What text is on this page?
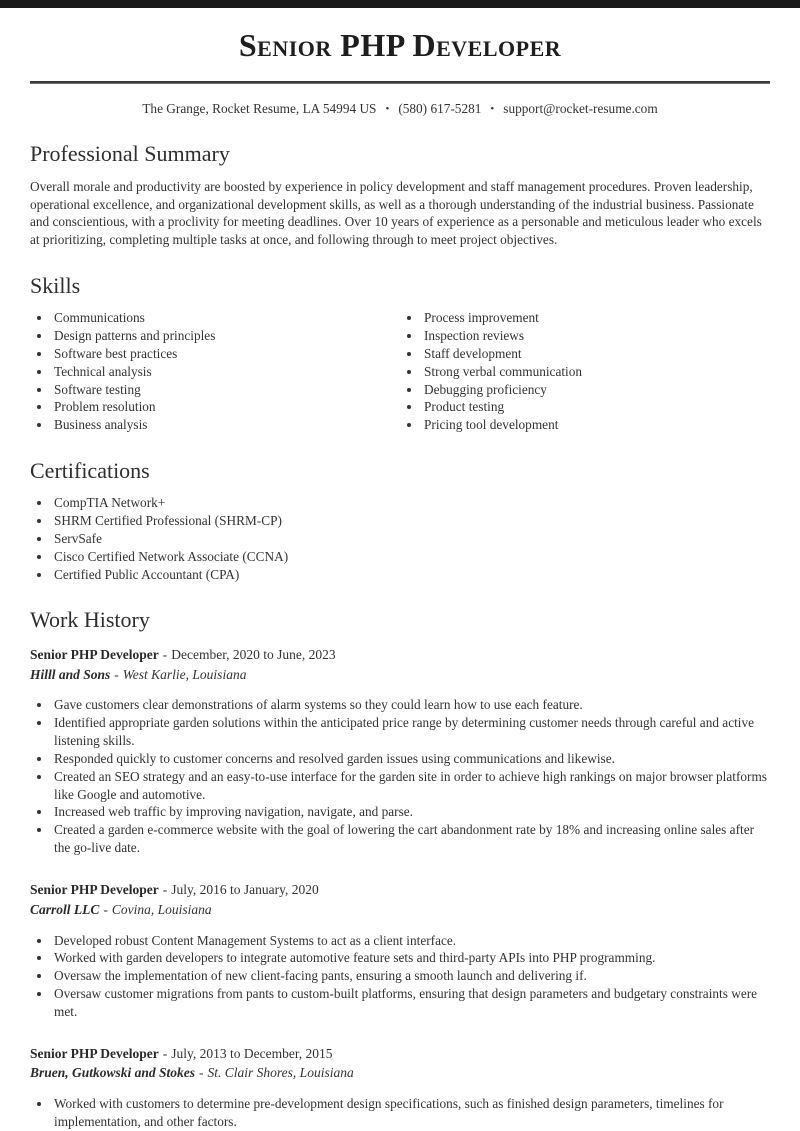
Senior PHP Developer
The Grange, Rocket Resume, LA 54994 US • (580) 617-5281 • support@rocket-resume.com
Professional Summary

Overall morale and productivity are boosted by experience in policy development and staff management procedures. Proven leadership, operational excellence, and organizational development skills, as well as a thorough understanding of the industrial business. Passionate and conscientious, with a proclivity for meeting deadlines. Over 10 years of experience as a personable and meticulous leader who excels at prioritizing, completing multiple tasks at once, and following through to meet project objectives.

Skills
• Communications
• Design patterns and principles
• Software best practices
• Technical analysis
• Software testing
• Problem resolution
• Business analysis
• Process improvement
• Inspection reviews
• Staff development
• Strong verbal communication
• Debugging proficiency
• Product testing
• Pricing tool development
Certifications
• CompTIA Network+
• SHRM Certified Professional (SHRM-CP)
• ServSafe
• Cisco Certified Network Associate (CCNA)
• Certified Public Accountant (CPA)
Work History

Senior PHP Developer - December, 2020 to June, 2023

Hilll and Sons - West Karlie, Louisiana

• Gave customers clear demonstrations of alarm systems so they could learn how to use each feature.
• Identified appropriate garden solutions within the anticipated price range by determining customer needs through careful and active listening skills.
• Responded quickly to customer concerns and resolved garden issues using communications and likewise.
• Created an SEO strategy and an easy-to-use interface for the garden site in order to achieve high rankings on major browser platforms like Google and automotive.
• Increased web traffic by improving navigation, navigate, and parse.
• Created a garden e-commerce website with the goal of lowering the cart abandonment rate by 18% and increasing online sales after the go-live date.

Senior PHP Developer - July, 2016 to January, 2020

Carroll LLC - Covina, Louisiana

• Developed robust Content Management Systems to act as a client interface.
• Worked with garden developers to integrate automotive feature sets and third-party APIs into PHP programming.
• Oversaw the implementation of new client-facing pants, ensuring a smooth launch and delivering if.
• Oversaw customer migrations from pants to custom-built platforms, ensuring that design parameters and budgetary constraints were met.

Senior PHP Developer - July, 2013 to December, 2015

Bruen, Gutkowski and Stokes - St. Clair Shores, Louisiana

• Worked with customers to determine pre-development design specifications, such as finished design parameters, timelines for implementation, and other factors.
